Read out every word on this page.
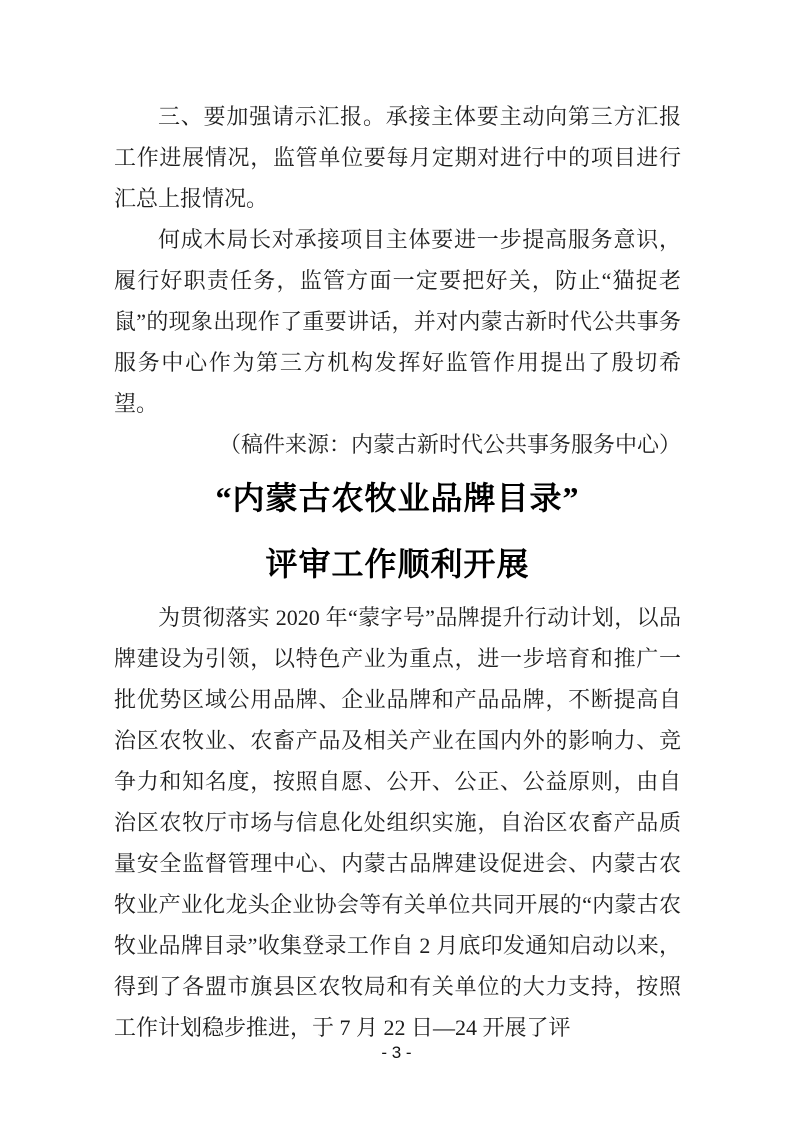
三、要加强请示汇报。承接主体要主动向第三方汇报工作进展情况，监管单位要每月定期对进行中的项目进行汇总上报情况。

何成木局长对承接项目主体要进一步提高服务意识，履行好职责任务，监管方面一定要把好关，防止“猫捉老鼠”的现象出现作了重要讲话，并对内蒙古新时代公共事务服务中心作为第三方机构发挥好监管作用提出了殷切希望。

（稿件来源：内蒙古新时代公共事务服务中心）

“内蒙古农牧业品牌目录”
评审工作顺利开展

为贯彻落实 2020 年“蒙字号”品牌提升行动计划，以品牌建设为引领，以特色产业为重点，进一步培育和推广一批优势区域公用品牌、企业品牌和产品品牌，不断提高自治区农牧业、农畜产品及相关产业在国内外的影响力、竞争力和知名度，按照自愿、公开、公正、公益原则，由自治区农牧厅市场与信息化处组织实施，自治区农畜产品质量安全监督管理中心、内蒙古品牌建设促进会、内蒙古农牧业产业化龙头企业协会等有关单位共同开展的“内蒙古农牧业品牌目录”收集登录工作自 2 月底印发通知启动以来，得到了各盟市旗县区农牧局和有关单位的大力支持，按照工作计划稳步推进，于 7 月 22 日—24 开展了评

- 3 -
